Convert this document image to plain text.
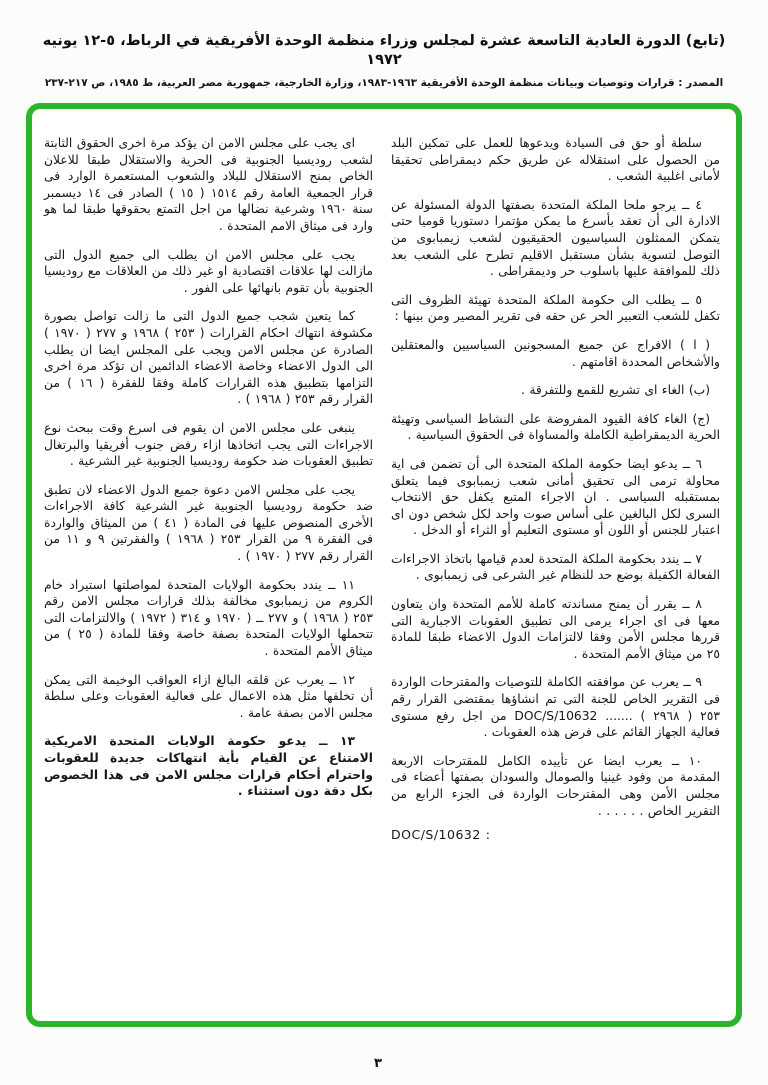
(تابع) الدورة العادية التاسعة عشرة لمجلس وزراء منظمة الوحدة الأفريقية في الرباط، ٥-١٢ يونيه ١٩٧٢
المصدر : قرارات وتوصيات وبيانات منظمة الوحدة الأفريقية ١٩٦٣-١٩٨٣، وزارة الخارجية، جمهورية مصر العربية، ط ١٩٨٥، ص ٢١٧-٢٣٧

سلطة أو حق فى السيادة ويدعوها للعمل على تمكين البلد من الحصول على استقلاله عن طريق حكم ديمقراطى تحقيقا لأمانى اغلبية الشعب .

٤ ــ يرجو ملحا الملكة المتحدة بصفتها الدولة المسئولة عن الادارة الى أن تعقد بأسرع ما يمكن مؤتمرا دستوريا قوميا حتى يتمكن الممثلون السياسيون الحقيقيون لشعب زيمبابوى من التوصل لتسوية بشأن مستقبل الاقليم تطرح على الشعب بعد ذلك للموافقة عليها باسلوب حر وديمقراطى .

٥ ــ يطلب الى حكومة الملكة المتحدة تهيئة الظروف التى تكفل للشعب التعبير الحر عن حقه فى تقرير المصير ومن بينها :

( ا ) الافراج عن جميع المسجونين السياسيين والمعتقلين والأشخاص المحددة اقامتهم .

(ب) الغاء اى تشريع للقمع وللتفرقة .

(ج) الغاء كافة القيود المفروضة على النشاط السياسى وتهيئة الحرية الديمقراطية الكاملة والمساواة فى الحقوق السياسية .

٦ ــ يدعو ايضا حكومة الملكة المتحدة الى أن تضمن فى اية محاولة ترمى الى تحقيق أمانى شعب زيمبابوى فيما يتعلق بمستقبله السياسى . ان الاجراء المتبع يكفل حق الانتخاب السرى لكل البالغين على أساس صوت واحد لكل شخص دون اى اعتبار للجنس أو اللون أو مستوى التعليم أو الثراء أو الدخل .

٧ ــ يندد بحكومة الملكة المتحدة لعدم قيامها باتخاذ الاجراءات الفعالة الكفيلة بوضع حد للنظام غير الشرعى فى زيمبابوى .

٨ ــ يقرر أن يمنح مساندته كاملة للأمم المتحدة وان يتعاون معها فى اى اجراء يرمى الى تطبيق العقوبات الاجبارية التى قررها مجلس الأمن وفقا لالتزامات الدول الاعضاء طبقا للمادة ٢٥ من ميثاق الأمم المتحدة .

٩ ــ يعرب عن موافقته الكاملة للتوصيات والمقترحات الواردة فى التقرير الخاص للجنة التى تم انشاؤها بمقتضى القرار رقم ٢٥٣ ( ٢٩٦٨ ) ....... DOC/S/10632 من اجل رفع مستوى فعالية الجهاز القائم على فرض هذه العقوبات .

١٠ ــ يعرب ايضا عن تأييده الكامل للمقترحات الاربعة المقدمة من وفود غينيا والصومال والسودان بصفتها أعضاء فى مجلس الأمن وهى المقترحات الواردة فى الجزء الرابع من التقرير الخاص . . . . . .

DOC/S/10632 :

اى يجب على مجلس الامن ان يؤكد مرة اخرى الحقوق الثابتة لشعب روديسيا الجنوبية فى الحرية والاستقلال طبقا للاعلان الخاص بمنح الاستقلال للبلاد والشعوب المستعمرة الوارد فى قرار الجمعية العامة رقم ١٥١٤ ( ١٥ ) الصادر فى ١٤ ديسمبر سنة ١٩٦٠ وشرعية نضالها من اجل التمتع بحقوقها طبقا لما هو وارد فى ميثاق الامم المتحدة .

يجب على مجلس الامن ان يطلب الى جميع الدول التى مازالت لها علاقات اقتصادية او غير ذلك من العلاقات مع روديسيا الجنوبية بأن تقوم بانهائها على الفور .

كما يتعين شجب جميع الدول التى ما زالت تواصل بصورة مكشوفة انتهاك احكام القرارات ( ٢٥٣ ) ١٩٦٨ و ٢٧٧ ( ١٩٧٠ ) الصادرة عن مجلس الامن ويجب على المجلس ايضا ان يطلب الى الدول الاعضاء وخاصة الاعضاء الدائمين ان تؤكد مرة اخرى التزامها بتطبيق هذه القرارات كاملة وفقا للفقرة ( ١٦ ) من القرار رقم ٢٥٣ ( ١٩٦٨ ) .

ينبغى على مجلس الامن ان يقوم فى اسرع وقت ببحث نوع الاجراءات التى يجب اتخاذها ازاء رفض جنوب أفريقيا والبرتغال تطبيق العقوبات ضد حكومة روديسيا الجنوبية غير الشرعية .

يجب على مجلس الامن دعوة جميع الدول الاعضاء لان تطبق ضد حكومة روديسيا الجنوبية غير الشرعية كافة الاجراءات الأخرى المنصوص عليها فى المادة ( ٤١ ) من الميثاق والواردة فى الفقرة ٩ من القرار ٢٥٣ ( ١٩٦٨ ) والفقرتين ٩ و ١١ من القرار رقم ٢٧٧ ( ١٩٧٠ ) .

١١ ــ يندد بحكومة الولايات المتحدة لمواصلتها استيراد خام الكروم من زيمبابوى مخالفة بذلك قرارات مجلس الامن رقم ٢٥٣ ( ١٩٦٨ ) و ٢٧٧ ــ ( ١٩٧٠ و ٣١٤ ( ١٩٧٢ ) والالتزامات التى تتحملها الولايات المتحدة بصفة خاصة وفقا للمادة ( ٢٥ ) من ميثاق الأمم المتحدة .

١٢ ــ يعرب عن قلقه البالغ ازاء العواقب الوخيمة التى يمكن أن تخلفها مثل هذه الاعمال على فعالية العقوبات وعلى سلطة مجلس الامن بصفة عامة .

١٣ ــ يدعو حكومة الولايات المتحدة الامريكية الامتناع عن القيام بأية انتهاكات جديدة للعقوبات واحترام أحكام قرارات مجلس الامن فى هذا الخصوص بكل دقة دون استثناء .

٣
